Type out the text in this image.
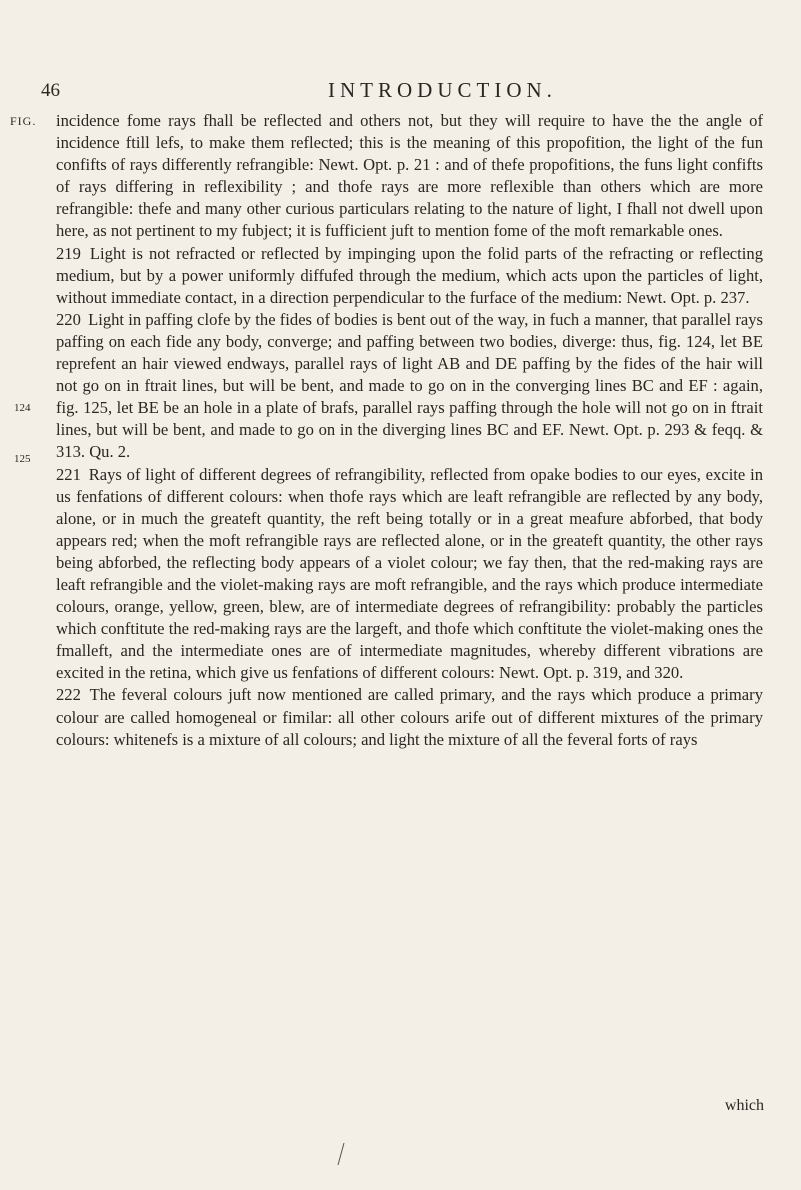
46	INTRODUCTION.
FIG.
124
125

incidence fome rays fhall be reflected and others not, but they will require to have the the angle of incidence ftill lefs, to make them reflected; this is the meaning of this propofition, the light of the fun confifts of rays differently refrangible: Newt. Opt. p. 21 : and of thefe propofitions, the funs light confifts of rays differing in reflexibility ; and thofe rays are more reflexible than others which are more refrangible: thefe and many other curious particulars relating to the nature of light, I fhall not dwell upon here, as not pertinent to my fubject; it is fufficient juft to mention fome of the moft remarkable ones.

219 Light is not refracted or reflected by impinging upon the folid parts of the refracting or reflecting medium, but by a power uniformly diffufed through the medium, which acts upon the particles of light, without immediate contact, in a direction perpendicular to the furface of the medium: Newt. Opt. p. 237.

220 Light in paffing clofe by the fides of bodies is bent out of the way, in fuch a manner, that parallel rays paffing on each fide any body, converge; and paffing between two bodies, diverge: thus, fig. 124, let BE reprefent an hair viewed endways, parallel rays of light AB and DE paffing by the fides of the hair will not go on in ftrait lines, but will be bent, and made to go on in the converging lines BC and EF : again, fig. 125, let BE be an hole in a plate of brafs, parallel rays paffing through the hole will not go on in ftrait lines, but will be bent, and made to go on in the diverging lines BC and EF. Newt. Opt. p. 293 & feqq. & 313. Qu. 2.

221 Rays of light of different degrees of refrangibility, reflected from opake bodies to our eyes, excite in us fenfations of different colours: when thofe rays which are leaft refrangible are reflected by any body, alone, or in much the greateft quantity, the reft being totally or in a great meafure abforbed, that body appears red; when the moft refrangible rays are reflected alone, or in the greateft quantity, the other rays being abforbed, the reflecting body appears of a violet colour; we fay then, that the red-making rays are leaft refrangible and the violet-making rays are moft refrangible, and the rays which produce intermediate colours, orange, yellow, green, blew, are of intermediate degrees of refrangibility: probably the particles which conftitute the red-making rays are the largeft, and thofe which conftitute the violet-making ones the fmalleft, and the intermediate ones are of intermediate magnitudes, whereby different vibrations are excited in the retina, which give us fenfations of different colours: Newt. Opt. p. 319, and 320.

222 The feveral colours juft now mentioned are called primary, and the rays which produce a primary colour are called homogeneal or fimilar: all other colours arife out of different mixtures of the primary colours: whitenefs is a mixture of all colours; and light the mixture of all the feveral forts of rays

which
